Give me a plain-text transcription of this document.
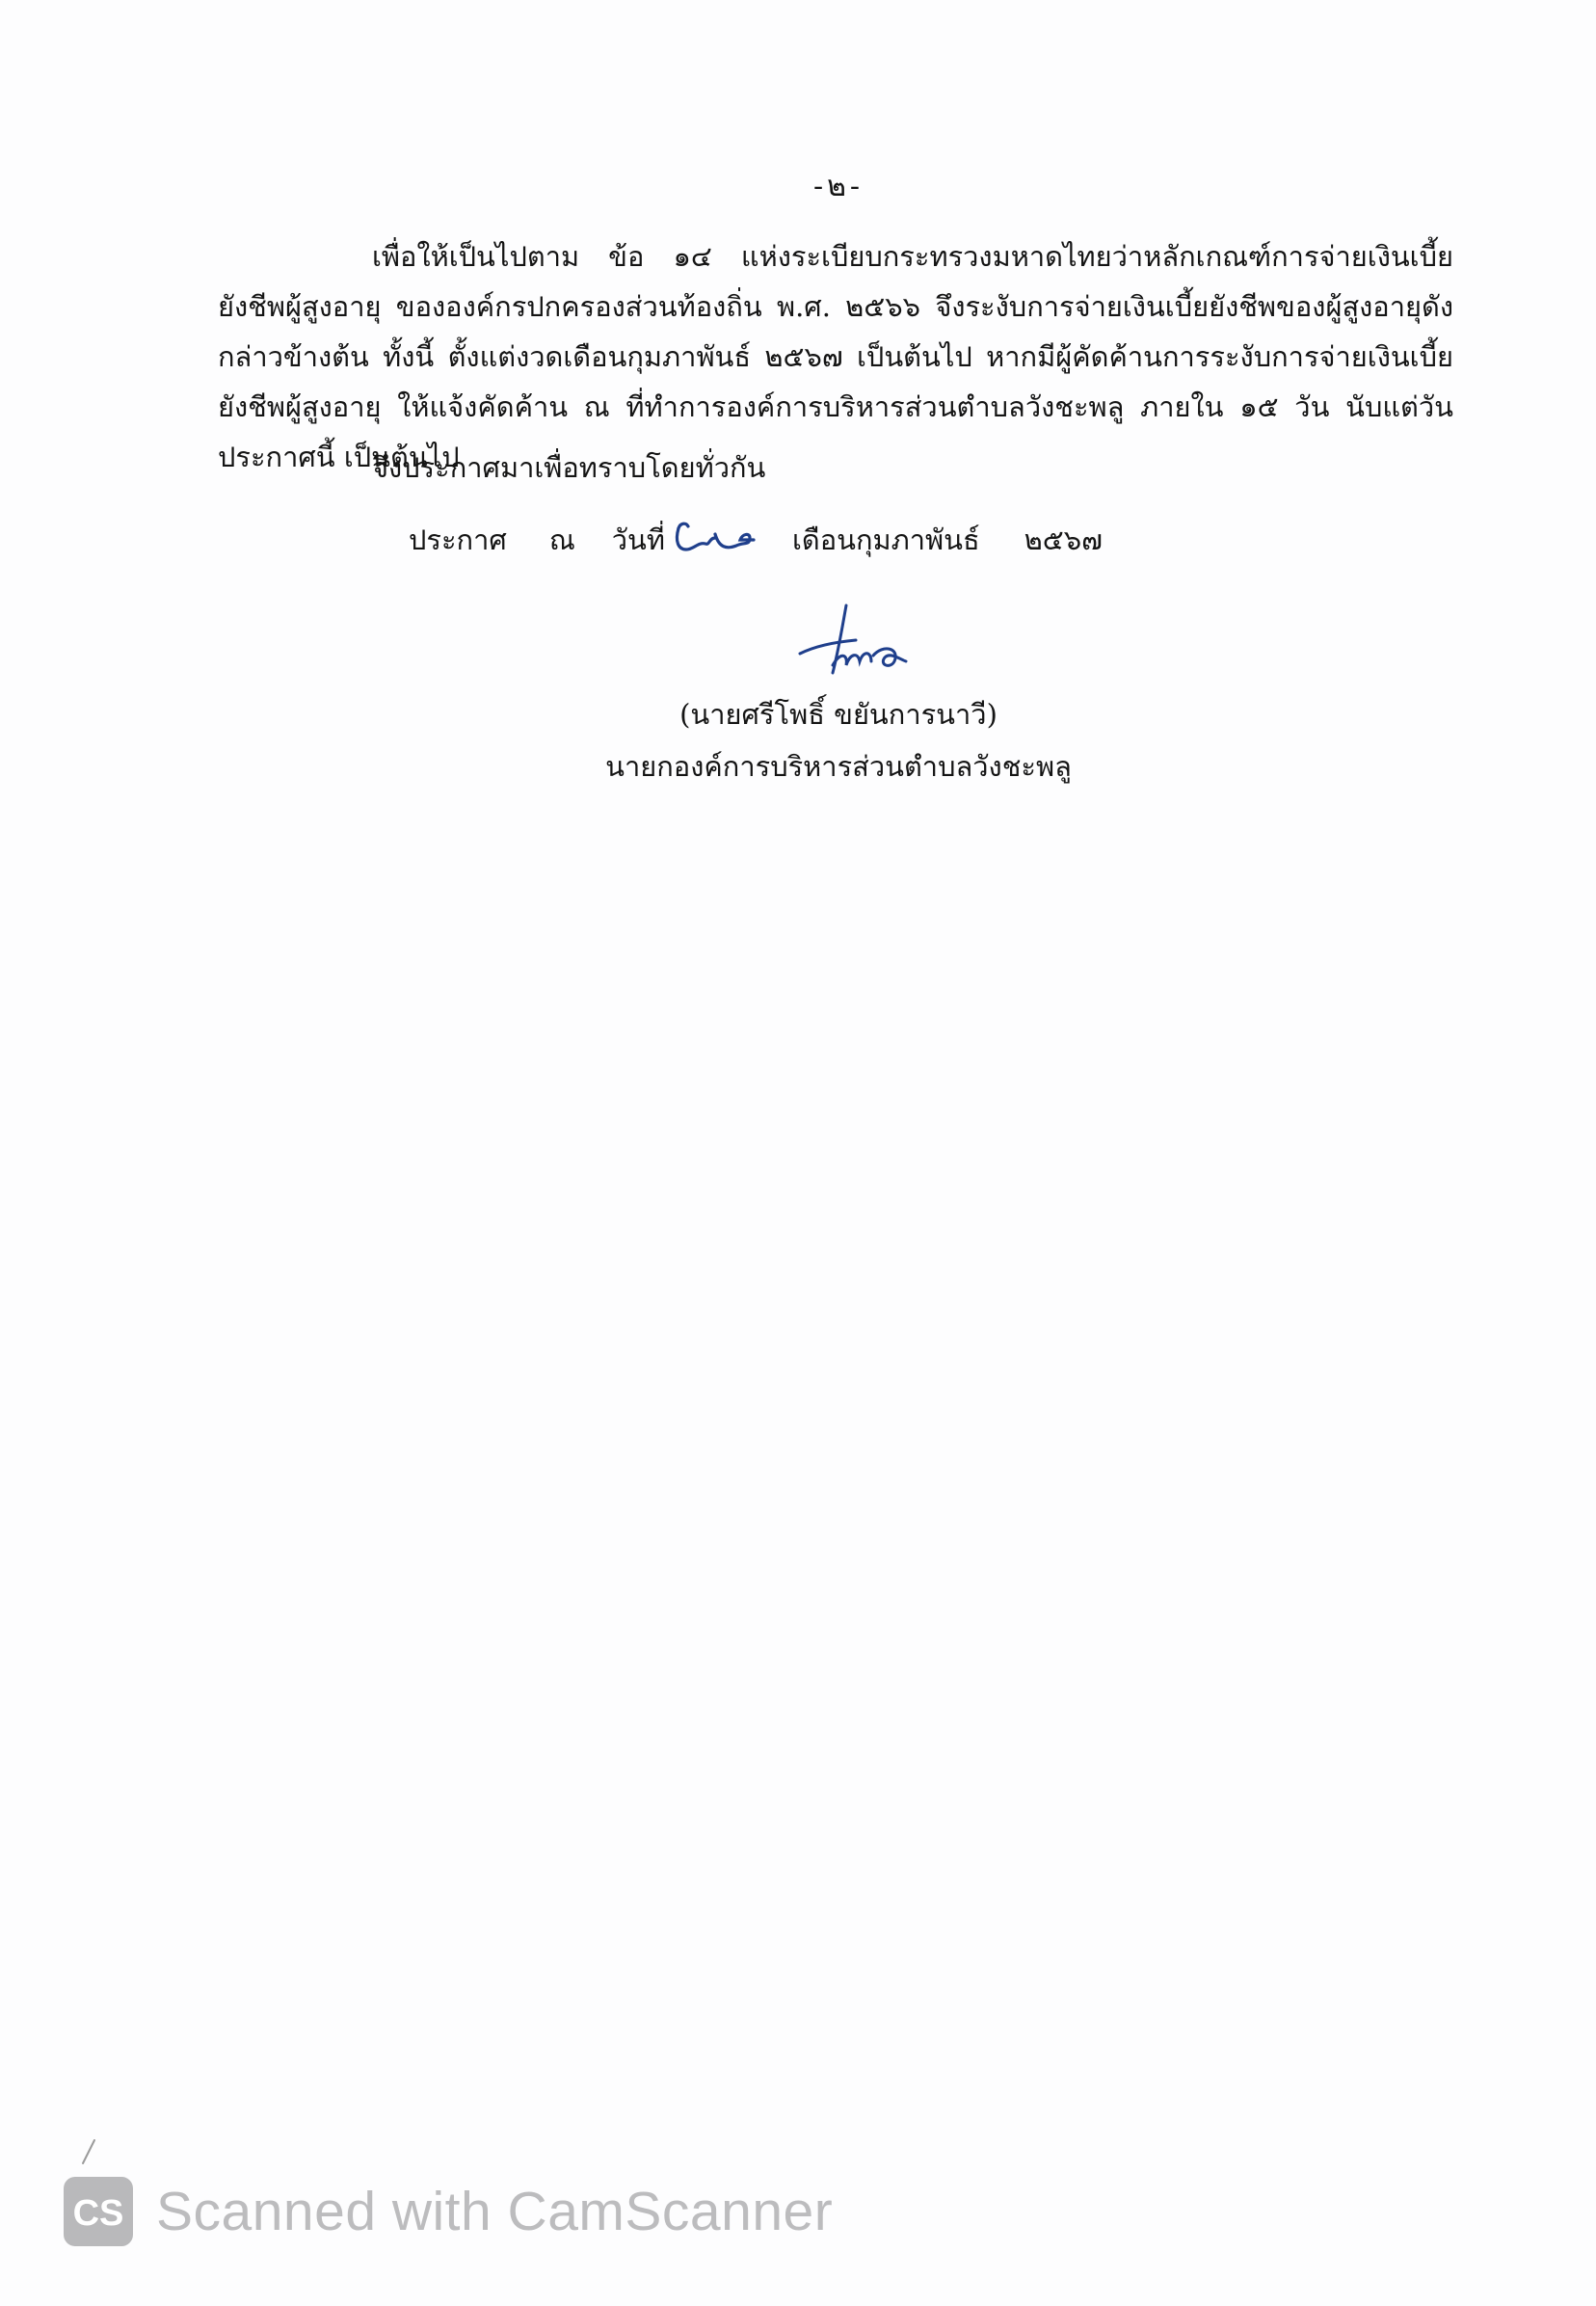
-๒-

เพื่อให้เป็นไปตาม ข้อ ๑๔ แห่งระเบียบกระทรวงมหาดไทยว่าหลักเกณฑ์การจ่ายเงินเบี้ยยังชีพผู้สูงอายุ ขององค์กรปกครองส่วนท้องถิ่น พ.ศ. ๒๕๖๖ จึงระงับการจ่ายเงินเบี้ยยังชีพของผู้สูงอายุดังกล่าวข้างต้น ทั้งนี้ ตั้งแต่งวดเดือนกุมภาพันธ์ ๒๕๖๗ เป็นต้นไป หากมีผู้คัดค้านการระงับการจ่ายเงินเบี้ยยังชีพผู้สูงอายุ ให้แจ้งคัดค้าน ณ ที่ทำการองค์การบริหารส่วนตำบลวังชะพลู ภายใน ๑๕ วัน นับแต่วันประกาศนี้ เป็นต้นไป

จึงประกาศมาเพื่อทราบโดยทั่วกัน

ประกาศ ณ วันที่	เดือนกุมภาพันธ์ ๒๕๖๗

(นายศรีโพธิ์ ขยันการนาวี)

นายกองค์การบริหารส่วนตำบลวังชะพลู

CS Scanned with CamScanner
